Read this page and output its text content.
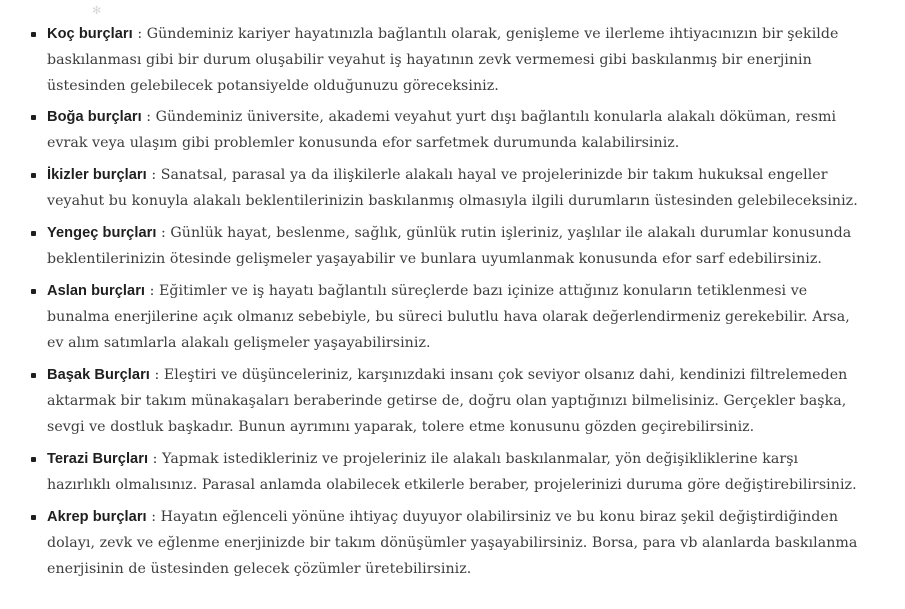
✻
Koç burçları : Gündeminiz kariyer hayatınızla bağlantılı olarak, genişleme ve ilerleme ihtiyacınızın bir şekilde baskılanması gibi bir durum oluşabilir veyahut iş hayatının zevk vermemesi gibi baskılanmış bir enerjinin üstesinden gelebilecek potansiyelde olduğunuzu göreceksiniz.
Boğa burçları : Gündeminiz üniversite, akademi veyahut yurt dışı bağlantılı konularla alakalı döküman, resmi evrak veya ulaşım gibi problemler konusunda efor sarfetmek durumunda kalabilirsiniz.
İkizler burçları : Sanatsal, parasal ya da ilişkilerle alakalı hayal ve projelerinizde bir takım hukuksal engeller veyahut bu konuyla alakalı beklentilerinizin baskılanmış olmasıyla ilgili durumların üstesinden gelebileceksiniz.
Yengeç burçları : Günlük hayat, beslenme, sağlık, günlük rutin işleriniz, yaşlılar ile alakalı durumlar konusunda beklentilerinizin ötesinde gelişmeler yaşayabilir ve bunlara uyumlanmak konusunda efor sarf edebilirsiniz.
Aslan burçları : Eğitimler ve iş hayatı bağlantılı süreçlerde bazı içinize attığınız konuların tetiklenmesi ve bunalma enerjilerine açık olmanız sebebiyle, bu süreci bulutlu hava olarak değerlendirmeniz gerekebilir. Arsa, ev alım satımlarla alakalı gelişmeler yaşayabilirsiniz.
Başak Burçları : Eleştiri ve düşünceleriniz, karşınızdaki insanı çok seviyor olsanız dahi, kendinizi filtrelemeden aktarmak bir takım münakaşaları beraberinde getirse de, doğru olan yaptığınızı bilmelisiniz. Gerçekler başka, sevgi ve dostluk başkadır. Bunun ayrımını yaparak, tolere etme konusunu gözden geçirebilirsiniz.
Terazi Burçları : Yapmak istedikleriniz ve projeleriniz ile alakalı baskılanmalar, yön değişikliklerine karşı hazırlıklı olmalısınız. Parasal anlamda olabilecek etkilerle beraber, projelerinizi duruma göre değiştirebilirsiniz.
Akrep burçları : Hayatın eğlenceli yönüne ihtiyaç duyuyor olabilirsiniz ve bu konu biraz şekil değiştirdiğinden dolayı, zevk ve eğlenme enerjinizde bir takım dönüşümler yaşayabilirsiniz. Borsa, para vb alanlarda baskılanma enerjisinin de üstesinden gelecek çözümler üretebilirsiniz.
